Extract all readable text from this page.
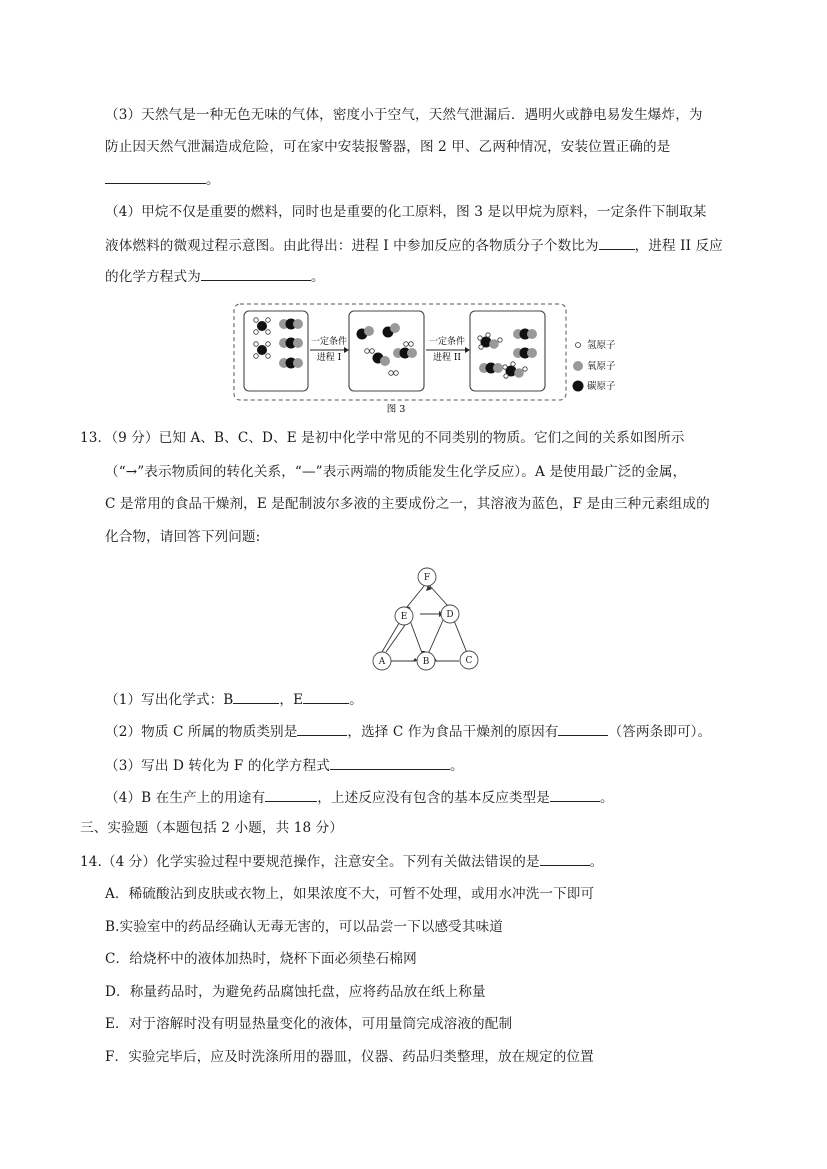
（3）天然气是一种无色无味的气体，密度小于空气，天然气泄漏后．遇明火或静电易发生爆炸，为
防止因天然气泄漏造成危险，可在家中安装报警器，图 2 甲、乙两种情况，安装位置正确的是
。
（4）甲烷不仅是重要的燃料，同时也是重要的化工原料，图 3 是以甲烷为原料，一定条件下制取某
液体燃料的微观过程示意图。由此得出：进程 I 中参加反应的各物质分子个数比为	，进程 II 反应
的化学方程式为	。
一定条件
进程 I
一定条件
进程 II
氢原子
氧原子
碳原子
图 3
13．（9 分）已知 A、B、C、D、E 是初中化学中常见的不同类别的物质。它们之间的关系如图所示
（“→”表示物质间的转化关系，“—”表示两端的物质能发生化学反应）。A 是使用最广泛的金属，
C 是常用的食品干燥剂，E 是配制波尔多液的主要成份之一，其溶液为蓝色，F 是由三种元素组成的
化合物，请回答下列问题:
F
E	D
A	B	C
（1）写出化学式：B	，E	。
（2）物质 C 所属的物质类别是	，选择 C 作为食品干燥剂的原因有	（答两条即可）。
（3）写出 D 转化为 F 的化学方程式	。
（4）B 在生产上的用途有	，上述反应没有包含的基本反应类型是	。
三、实验题（本题包括 2 小题，共 18 分）
14.（4 分）化学实验过程中要规范操作，注意安全。下列有关做法错误的是	。
A．稀硫酸沾到皮肤或衣物上，如果浓度不大，可暂不处理，或用水冲洗一下即可
B.实验室中的药品经确认无毒无害的，可以品尝一下以感受其味道
C．给烧杯中的液体加热时，烧杯下面必须垫石棉网
D．称量药品时，为避免药品腐蚀托盘，应将药品放在纸上称量
E．对于溶解时没有明显热量变化的液体，可用量筒完成溶液的配制
F．实验完毕后，应及时洗涤所用的器皿，仪器、药品归类整理，放在规定的位置
